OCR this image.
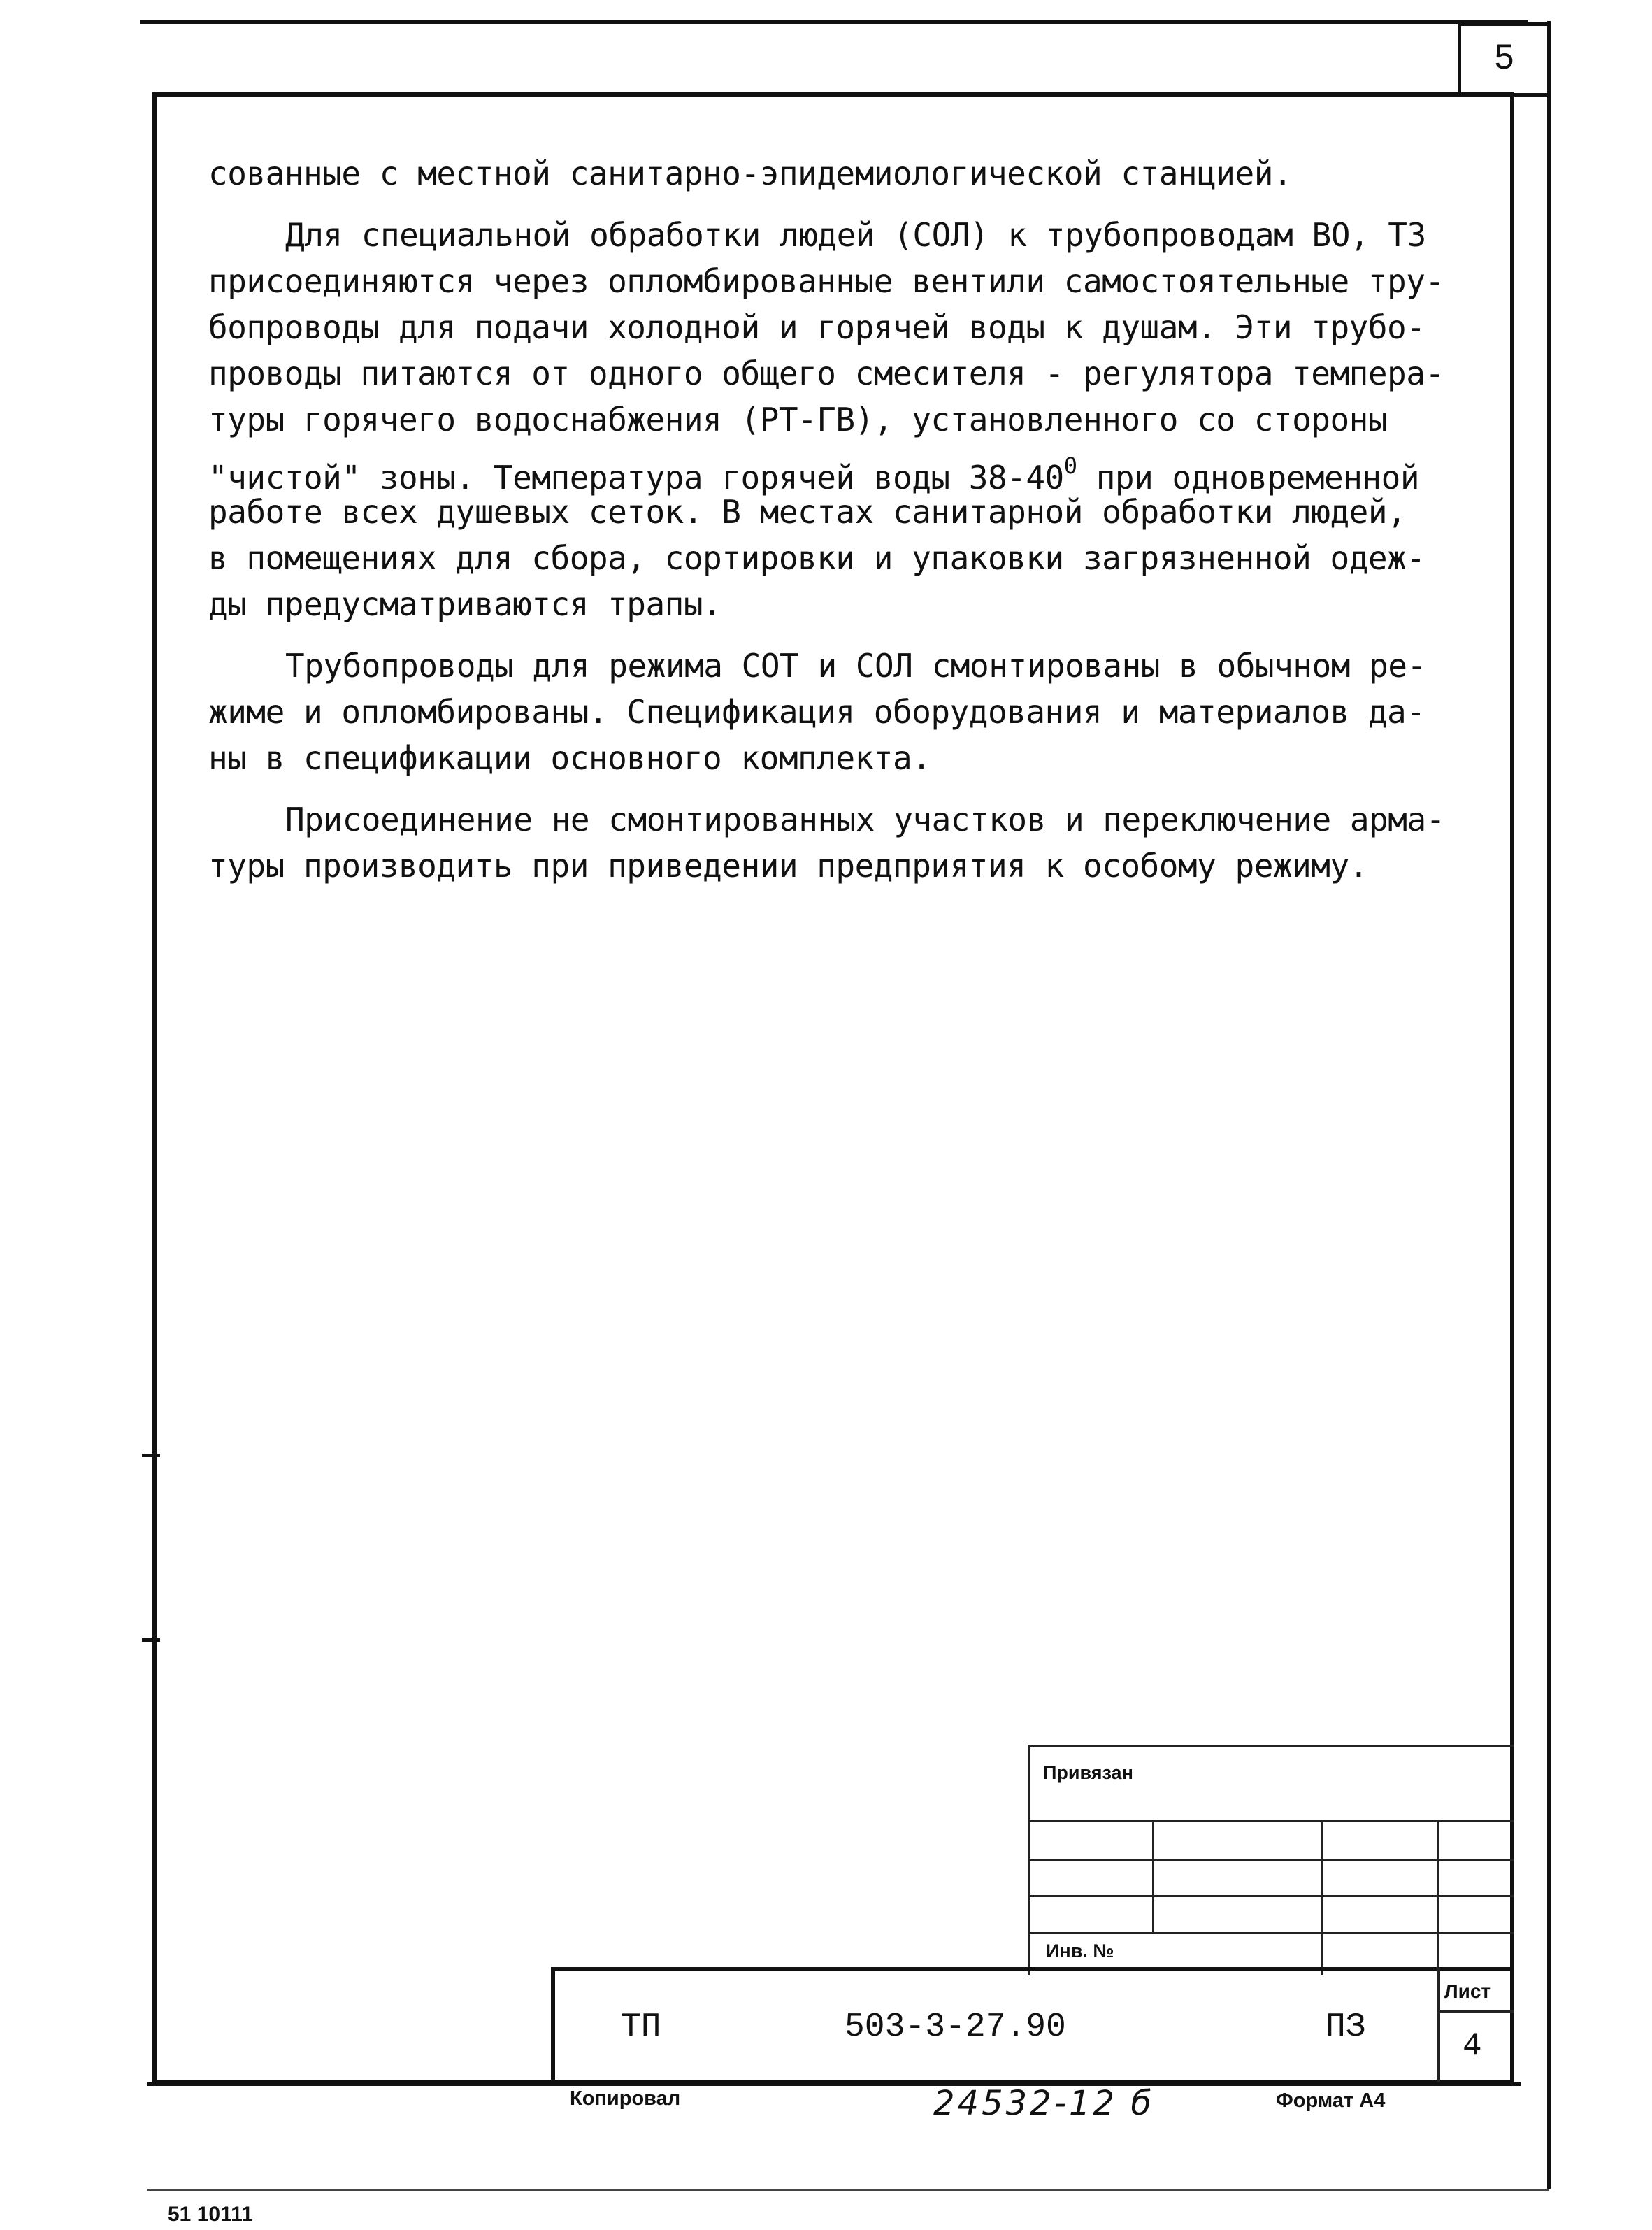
5
сованные с местной санитарно-эпидемиологической станцией.
Для специальной обработки людей (СОЛ) к трубопроводам ВО, ТЗ
присоединяются через опломбированные вентили самостоятельные тру-
бопроводы для подачи холодной и горячей воды к душам. Эти трубо-
проводы питаются от одного общего смесителя - регулятора темпера-
туры горячего водоснабжения (РТ-ГВ), установленного со стороны
"чистой" зоны. Температура горячей воды $38-40^0$ при одновременной
работе всех душевых сеток. В местах санитарной обработки людей,
в помещениях для сбора, сортировки и упаковки загрязненной одеж-
ды предусматриваются трапы.
Трубопроводы для режима СОТ и СОЛ смонтированы в обычном ре-
жиме и опломбированы. Спецификация оборудования и материалов да-
ны в спецификации основного комплекта.
Присоединение не смонтированных участков и переключение арма-
туры производить при приведении предприятия к особому режиму.
Привязан
Инв. №
Лист
4
ТП	503-3-27.90	ПЗ
Копировал	24532-12 б	Формат А4
51 10111
